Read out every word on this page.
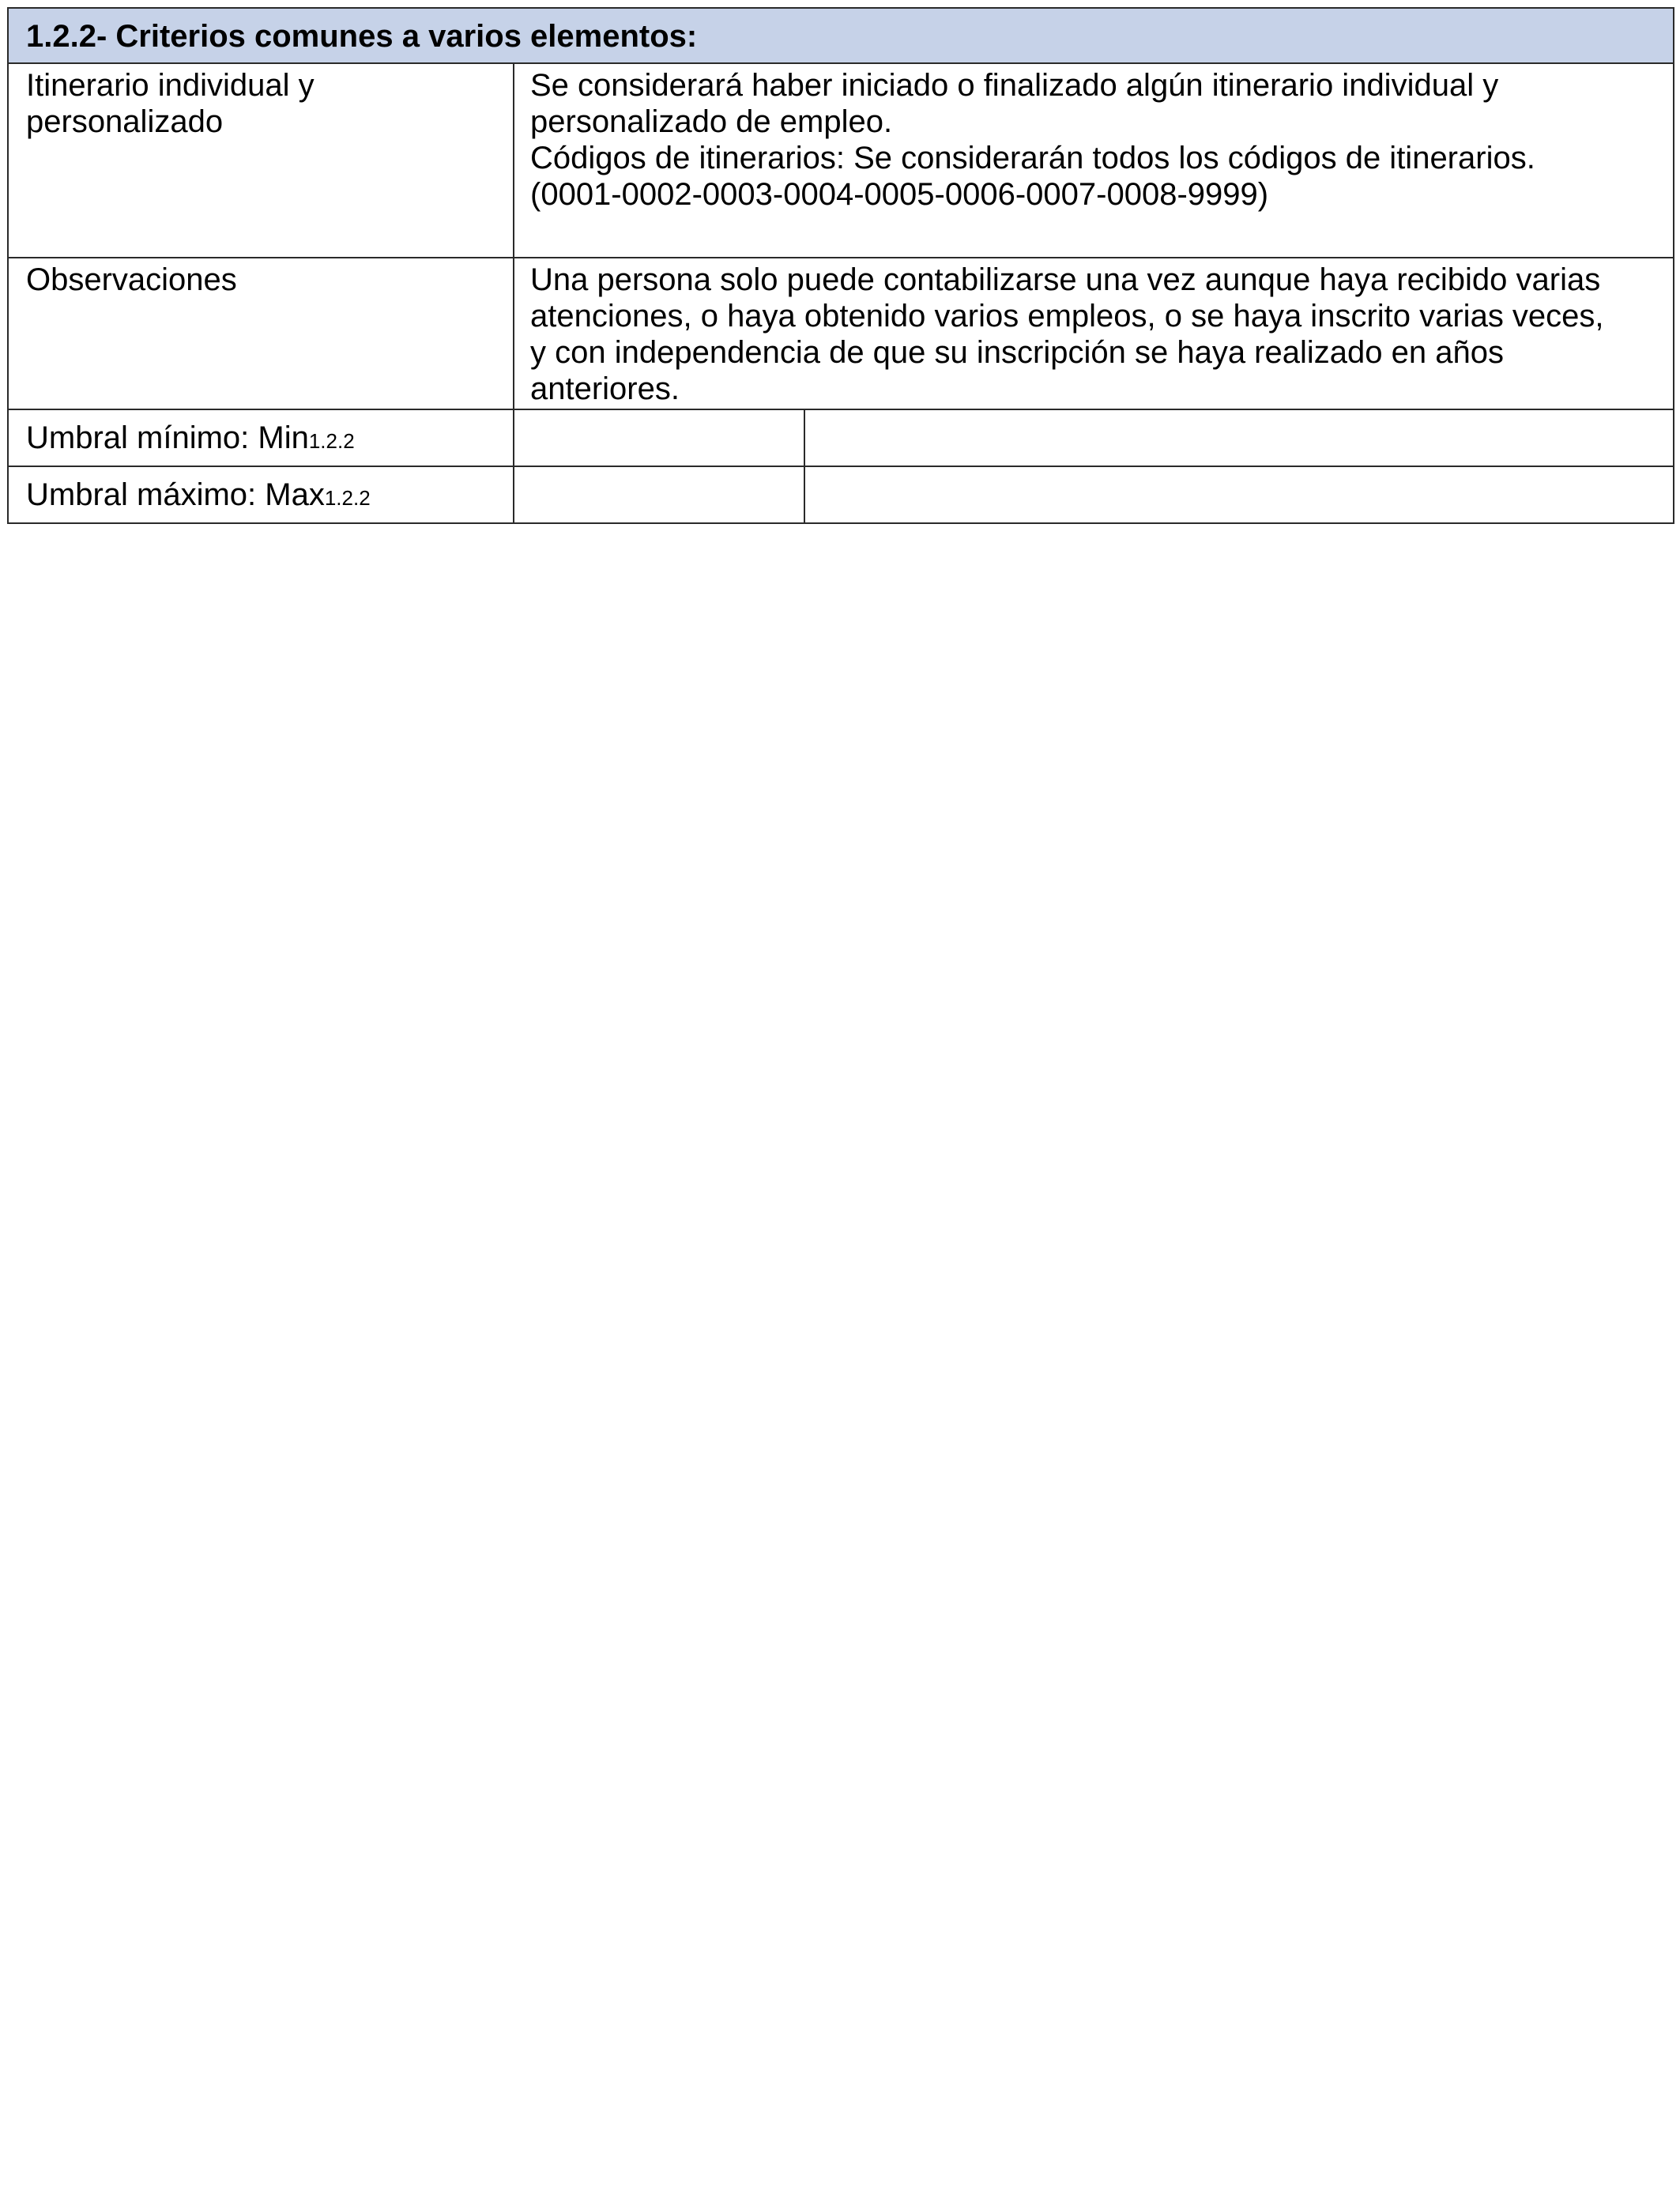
1.2.2- Criterios comunes a varios elementos:
Itinerario individual y
personalizado
Se considerará haber iniciado o finalizado algún itinerario individual y
personalizado de empleo.
Códigos de itinerarios: Se considerarán todos los códigos de itinerarios.
(0001-0002-0003-0004-0005-0006-0007-0008-9999)
Observaciones	Una persona solo puede contabilizarse una vez aunque haya recibido varias
atenciones, o haya obtenido varios empleos, o se haya inscrito varias veces,
y con independencia de que su inscripción se haya realizado en años
anteriores.
Umbral mínimo: Min1.2.2
Umbral máximo: Max1.2.2
